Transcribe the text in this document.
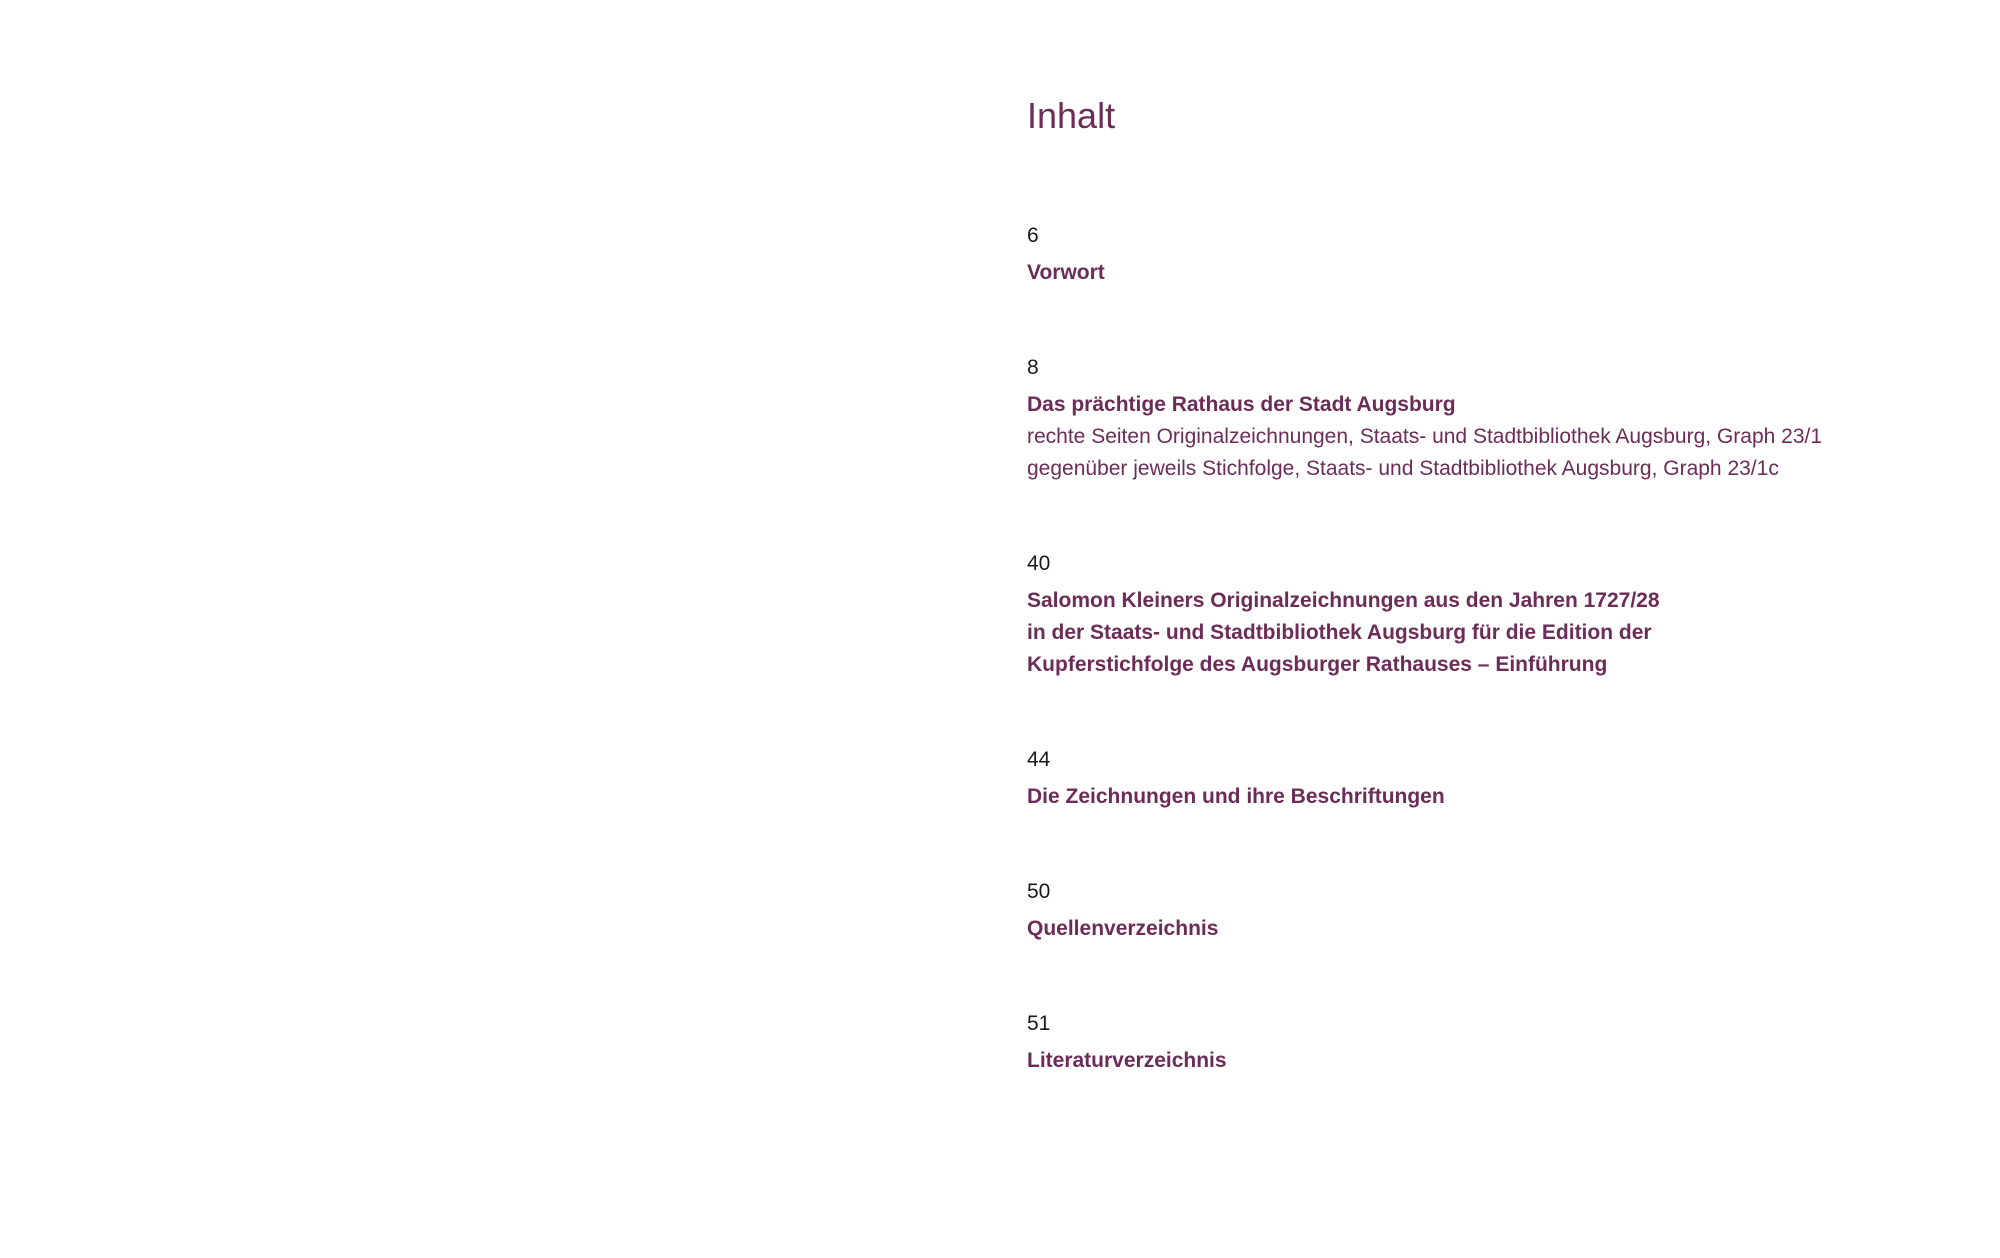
Inhalt
6
Vorwort
8
Das prächtige Rathaus der Stadt Augsburg
rechte Seiten Originalzeichnungen, Staats- und Stadtbibliothek Augsburg, Graph 23/1
gegenüber jeweils Stichfolge, Staats- und Stadtbibliothek Augsburg, Graph 23/1c
40
Salomon Kleiners Originalzeichnungen aus den Jahren 1727/28
in der Staats- und Stadtbibliothek Augsburg für die Edition der
Kupferstichfolge des Augsburger Rathauses – Einführung
44
Die Zeichnungen und ihre Beschriftungen
50
Quellenverzeichnis
51
Literaturverzeichnis
